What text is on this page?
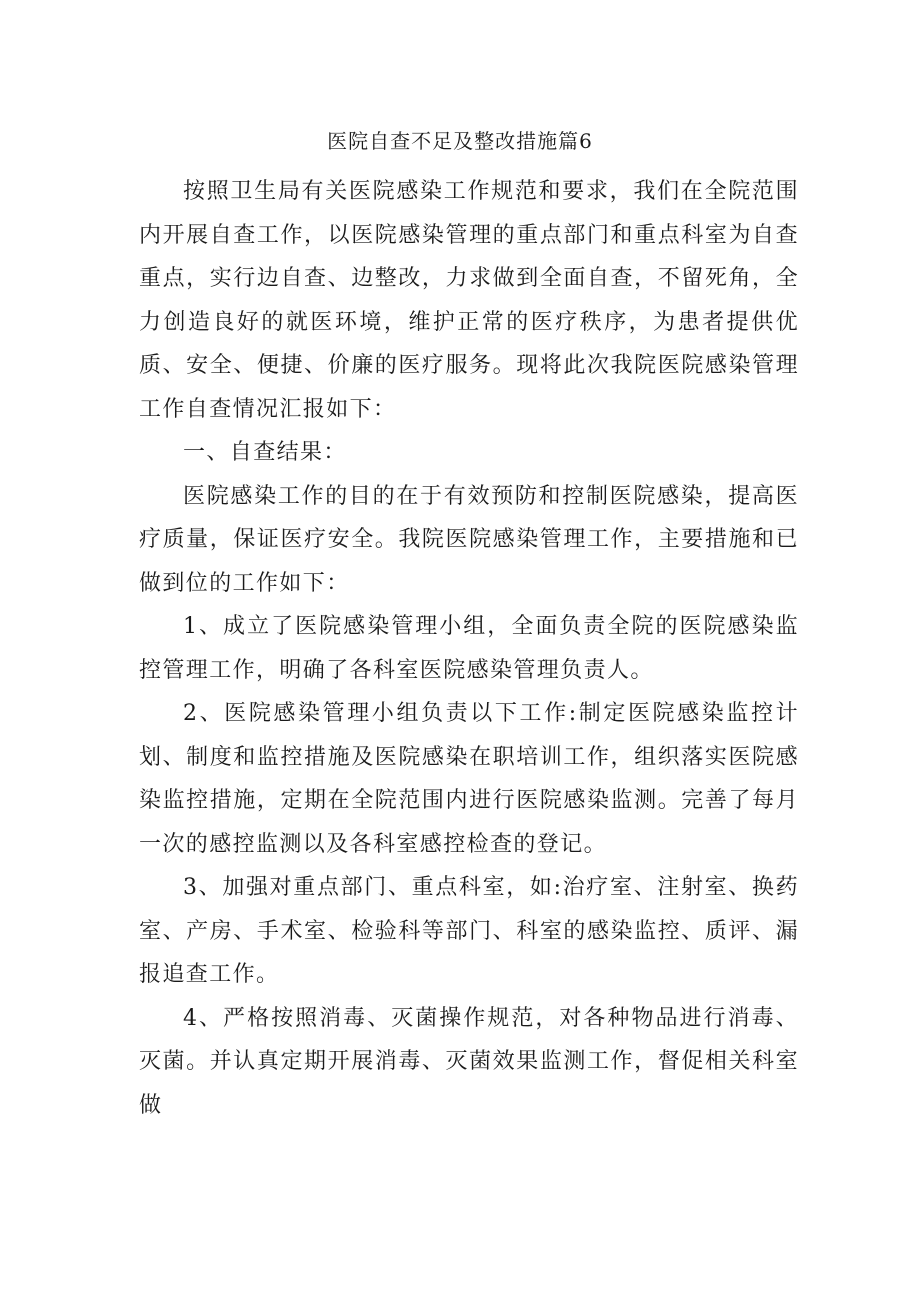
医院自查不足及整改措施篇6

按照卫生局有关医院感染工作规范和要求，我们在全院范围内开展自查工作，以医院感染管理的重点部门和重点科室为自查重点，实行边自查、边整改，力求做到全面自查，不留死角，全力创造良好的就医环境，维护正常的医疗秩序，为患者提供优质、安全、便捷、价廉的医疗服务。现将此次我院医院感染管理工作自查情况汇报如下：

一、自查结果：

医院感染工作的目的在于有效预防和控制医院感染，提高医疗质量，保证医疗安全。我院医院感染管理工作，主要措施和已做到位的工作如下：

1、成立了医院感染管理小组，全面负责全院的医院感染监控管理工作，明确了各科室医院感染管理负责人。

2、医院感染管理小组负责以下工作:制定医院感染监控计划、制度和监控措施及医院感染在职培训工作，组织落实医院感染监控措施，定期在全院范围内进行医院感染监测。完善了每月一次的感控监测以及各科室感控检查的登记。

3、加强对重点部门、重点科室，如:治疗室、注射室、换药室、产房、手术室、检验科等部门、科室的感染监控、质评、漏报追查工作。

4、严格按照消毒、灭菌操作规范，对各种物品进行消毒、灭菌。并认真定期开展消毒、灭菌效果监测工作，督促相关科室做
